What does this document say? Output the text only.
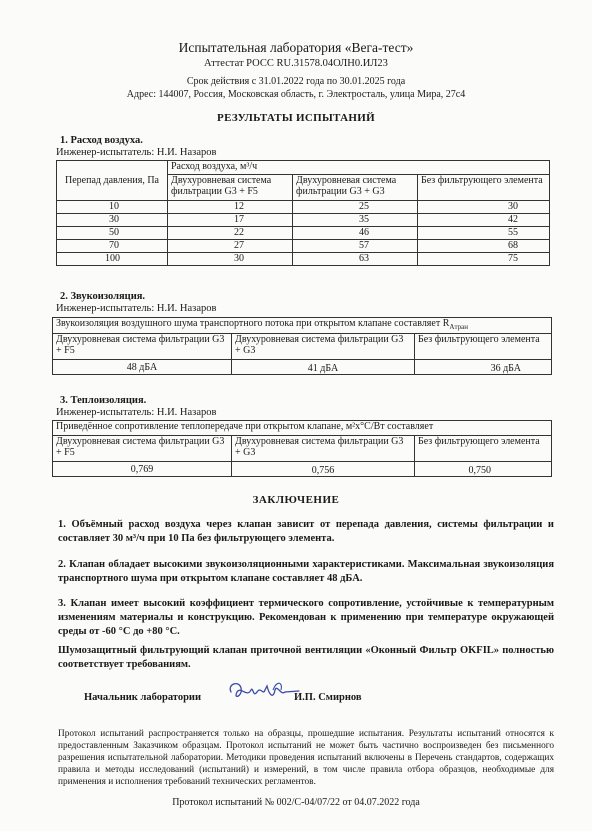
Испытательная лаборатория «Вега-тест»
Аттестат РОСС RU.31578.04ОЛН0.ИЛ23
Срок действия с 31.01.2022 года по 30.01.2025 года
Адрес: 144007, Россия, Московская область, г. Электросталь, улица Мира, 27с4
РЕЗУЛЬТАТЫ ИСПЫТАНИЙ
1. Расход воздуха.
Инженер-испытатель: Н.И. Назаров
Перепад давления, Па	Расход воздуха, м³/ч		
	Двухуровневая система фильтрации G3 + F5	Двухуровневая система фильтрации G3 + G3	Без фильтрующего элемента
10	12	25	30
30	17	35	42
50	22	46	55
70	27	57	68
100	30	63	75
2. Звукоизоляция.
Инженер-испытатель: Н.И. Назаров
Звукоизоляция воздушного шума транспортного потока при открытом клапане составляет $R_{Aтран}$
Двухуровневая система фильтрации G3 + F5	Двухуровневая система фильтрации G3 + G3	Без фильтрующего элемента
48 дБА	41 дБА	36 дБА
3. Теплоизоляция.
Инженер-испытатель: Н.И. Назаров
Приведённое сопротивление теплопередаче при открытом клапане, м²х°С/Вт составляет		
Двухуровневая система фильтрации G3 + F5	Двухуровневая система фильтрации G3 + G3	Без фильтрующего элемента
0,769	0,756	0,750
ЗАКЛЮЧЕНИЕ
1. Объёмный расход воздуха через клапан зависит от перепада давления, системы фильтрации и составляет 30 м³/ч при 10 Па без фильтрующего элемента.
2. Клапан обладает высокими звукоизоляционными характеристиками. Максимальная звукоизоляция транспортного шума при открытом клапане составляет 48 дБА.
3. Клапан имеет высокий коэффициент термического сопротивление, устойчивые к температурным изменениям материалы и конструкцию. Рекомендован к применению при температуре окружающей среды от -60 °С до +80 °С.
Шумозащитный фильтрующий клапан приточной вентиляции «Оконный Фильтр OKFIL» полностью соответствует требованиям.
Начальник лаборатории	И.П. Смирнов
Протокол испытаний распространяется только на образцы, прошедшие испытания. Результаты испытаний относятся к предоставленным Заказчиком образцам. Протокол испытаний не может быть частично воспроизведен без письменного разрешения испытательной лаборатории. Методики проведения испытаний включены в Перечень стандартов, содержащих правила и методы исследований (испытаний) и измерений, в том числе правила отбора образцов, необходимые для применения и исполнения требований технических регламентов.
Протокол испытаний № 002/С-04/07/22 от 04.07.2022 года
